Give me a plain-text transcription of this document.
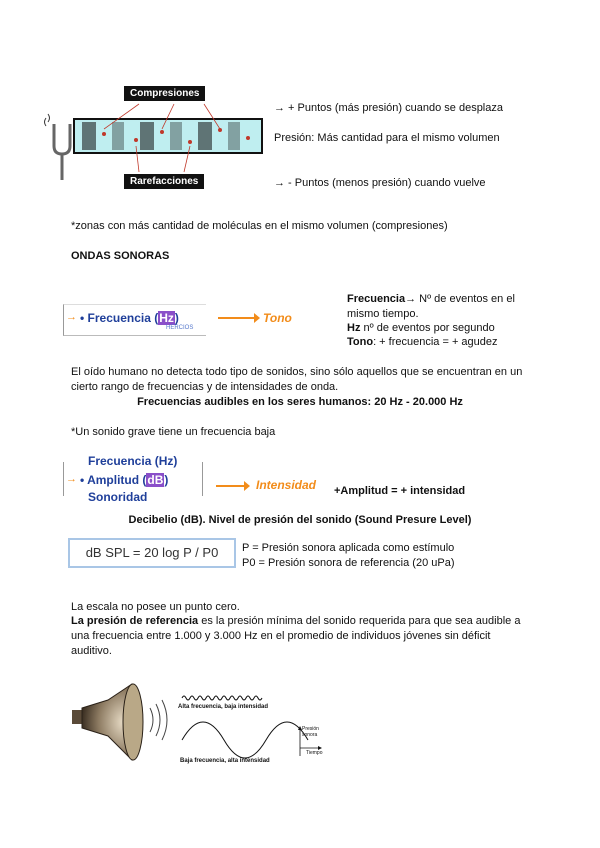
Compresiones
Rarefacciones
→ + Puntos (más presión) cuando se desplaza
Presión: Más cantidad para el mismo volumen
→ - Puntos (menos presión) cuando vuelve
*zonas con más cantidad de moléculas en el mismo volumen (compresiones)
ONDAS SONORAS
→ • Frecuencia (Hz)
HERCIOS
Tono
Frecuencia→ Nº de eventos en el mismo tiempo.
Hz nº de eventos por segundo
Tono: + frecuencia = + agudez
El oído humano no detecta todo tipo de sonidos, sino sólo aquellos que se encuentran en un cierto rango de frecuencias y de intensidades de onda.
Frecuencias audibles en los seres humanos: 20 Hz - 20.000 Hz
*Un sonido grave tiene un frecuencia baja
Frecuencia (Hz)
→ • Amplitud (dB)
Sonoridad
Intensidad +Amplitud = + intensidad
Decibelio (dB). Nivel de presión del sonido (Sound Presure Level)
dB SPL = 20 log P / P0	P = Presión sonora aplicada como estímulo
P0 = Presión sonora de referencia (20 uPa)
La escala no posee un punto cero.
La presión de referencia es la presión mínima del sonido requerida para que sea audible a una frecuencia entre 1.000 y 3.000 Hz en el promedio de individuos jóvenes sin déficit auditivo.
Alta frecuencia, baja intensidad
Baja frecuencia, alta intensidad
Presión sonora
Tiempo
